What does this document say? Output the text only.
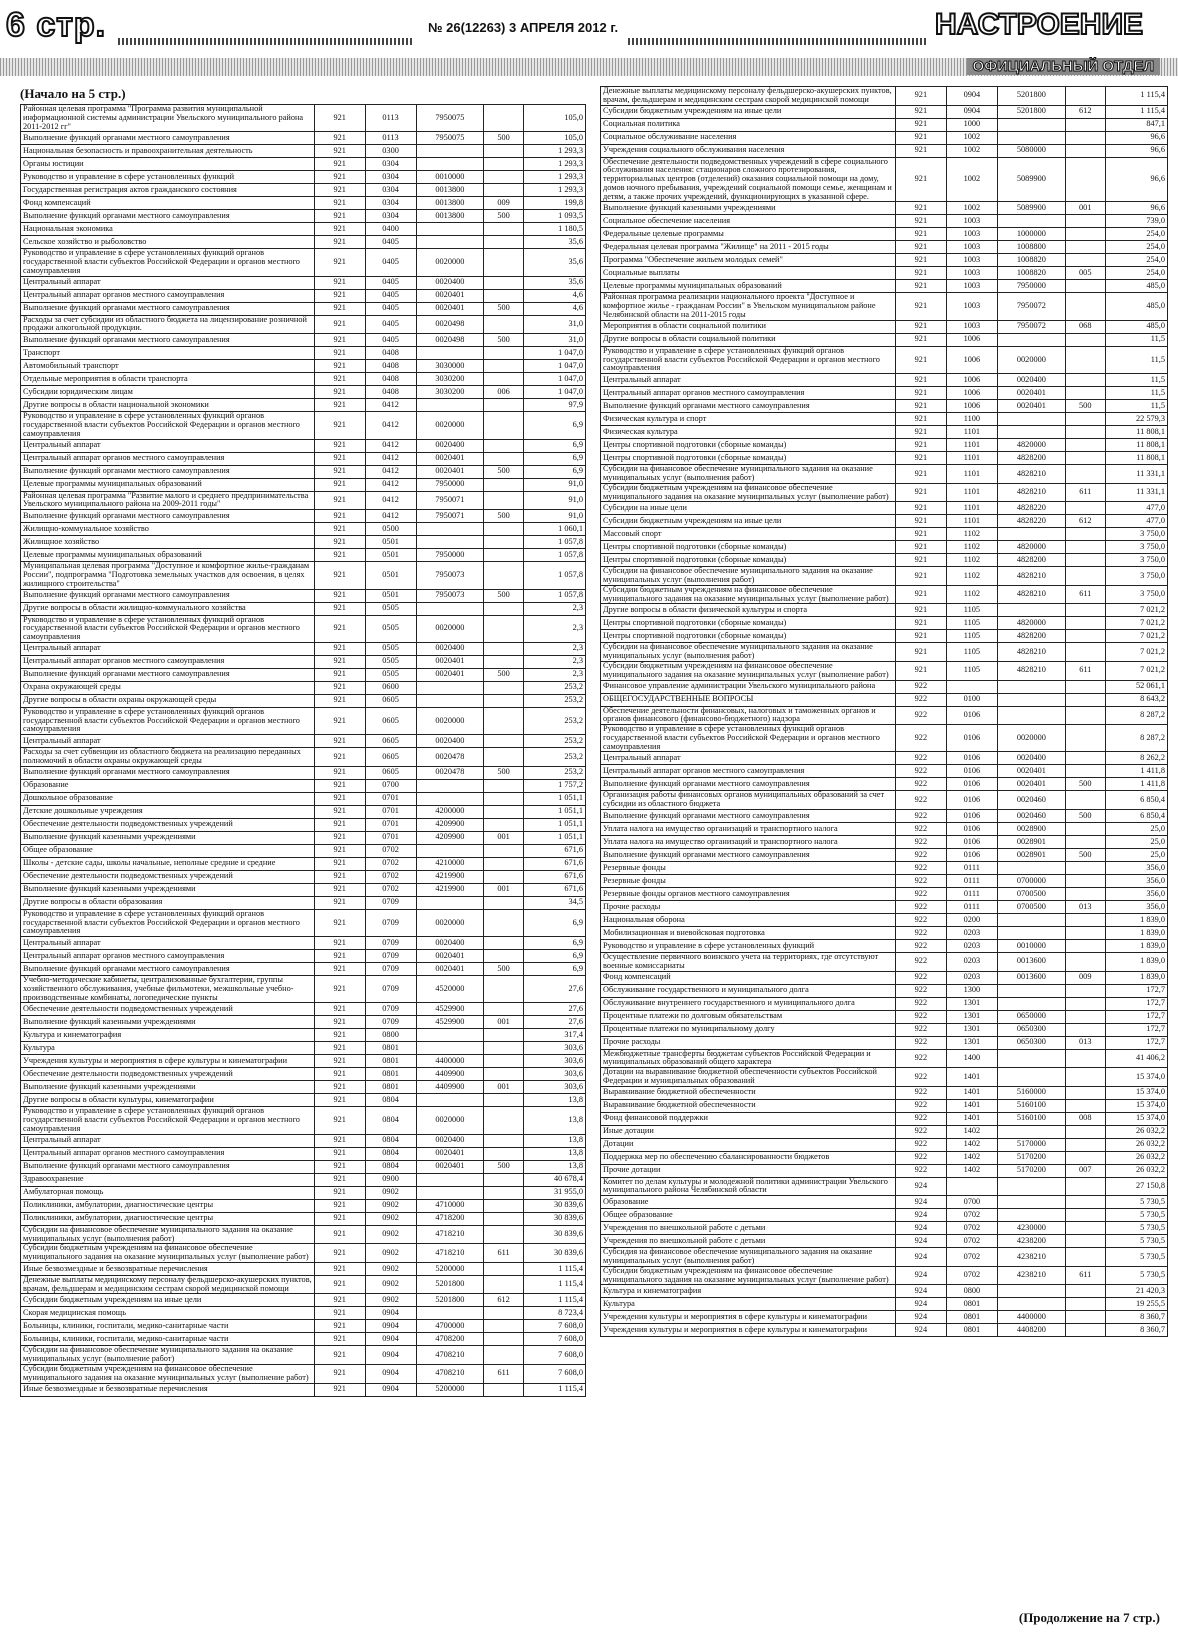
6 стр.	№ 26(12263) 3 АПРЕЛЯ 2012 г.	НАСТРОЕНИЕ
ОФИЦИАЛЬНЫЙ ОТДЕЛ
(Начало на 5 стр.)
Районная целевая программа "Программа развития муниципальной информационной системы администрации Увельского муниципального района 2011-2012 гг"	921	0113	7950075		105,0
Выполнение функций органами местного самоуправления	921	0113	7950075	500	105,0
Национальная безопасность и правоохранительная деятельность	921	0300			1 293,3
Органы юстиции	921	0304			1 293,3
Руководство и управление в сфере установленных функций	921	0304	0010000		1 293,3
Государственная регистрация актов гражданского состояния	921	0304	0013800		1 293,3
Фонд компенсаций	921	0304	0013800	009	199,8
Выполнение функций органами местного самоуправления	921	0304	0013800	500	1 093,5
Национальная экономика	921	0400			1 180,5
Сельское хозяйство и рыболовство	921	0405			35,6
Руководство и управление в сфере установленных функций органов государственной власти субъектов Российской Федерации и органов местного самоуправления	921	0405	0020000		35,6
Центральный аппарат	921	0405	0020400		35,6
Центральный аппарат органов местного самоуправления	921	0405	0020401		4,6
Выполнение функций органами местного самоуправления	921	0405	0020401	500	4,6
Расходы за счет субсидии из областного бюджета на лицензирование розничной продажи алкогольной продукции.	921	0405	0020498		31,0
Выполнение функций органами местного самоуправления	921	0405	0020498	500	31,0
Транспорт	921	0408			1 047,0
Автомобильный транспорт	921	0408	3030000		1 047,0
Отдельные мероприятия в области транспорта	921	0408	3030200		1 047,0
Субсидии юридическим лицам	921	0408	3030200	006	1 047,0
Другие вопросы в области национальной экономики	921	0412			97,9
Руководство и управление в сфере установленных функций органов государственной власти субъектов Российской Федерации и органов местного самоуправления	921	0412	0020000		6,9
Центральный аппарат	921	0412	0020400		6,9
Центральный аппарат органов местного самоуправления	921	0412	0020401		6,9
Выполнение функций органами местного самоуправления	921	0412	0020401	500	6,9
Целевые программы муниципальных образований	921	0412	7950000		91,0
Районная целевая программа "Развитие малого и среднего предпринимательства Увельского муниципального района на 2009-2011 годы"	921	0412	7950071		91,0
Выполнение функций органами местного самоуправления	921	0412	7950071	500	91,0
Жилищно-коммунальное хозяйство	921	0500			1 060,1
Жилищное хозяйство	921	0501			1 057,8
Целевые программы муниципальных образований	921	0501	7950000		1 057,8
Муниципальная целевая программа "Доступное и комфортное жилье-гражданам России", подпрограмма "Подготовка земельных участков для освоения, в целях жилищного строительства"	921	0501	7950073		1 057,8
Выполнение функций органами местного самоуправления	921	0501	7950073	500	1 057,8
Другие вопросы в области жилищно-коммунального хозяйства	921	0505			2,3
Руководство и управление в сфере установленных функций органов государственной власти субъектов Российской Федерации и органов местного самоуправления	921	0505	0020000		2,3
Центральный аппарат	921	0505	0020400		2,3
Центральный аппарат органов местного самоуправления	921	0505	0020401		2,3
Выполнение функций органами местного самоуправления	921	0505	0020401	500	2,3
Охрана окружающей среды	921	0600			253,2
Другие вопросы в области охраны окружающей среды	921	0605			253,2
Руководство и управление в сфере установленных функций органов государственной власти субъектов Российской Федерации и органов местного самоуправления	921	0605	0020000		253,2
Центральный аппарат	921	0605	0020400		253,2
Расходы за счет субвенции из областного бюджета на реализацию переданных полномочий в области охраны окружающей среды	921	0605	0020478		253,2
Выполнение функций органами местного самоуправления	921	0605	0020478	500	253,2
Образование	921	0700			1 757,2
Дошкольное образование	921	0701			1 051,1
Детские дошкольные учреждения	921	0701	4200000		1 051,1
Обеспечение деятельности подведомственных учреждений	921	0701	4209900		1 051,1
Выполнение функций казенными учреждениями	921	0701	4209900	001	1 051,1
Общее образование	921	0702			671,6
Школы - детские сады, школы начальные, неполные средние и средние	921	0702	4210000		671,6
Обеспечение деятельности подведомственных учреждений	921	0702	4219900		671,6
Выполнение функций казенными учреждениями	921	0702	4219900	001	671,6
Другие вопросы в области образования	921	0709			34,5
Руководство и управление в сфере установленных функций органов государственной власти субъектов Российской Федерации и органов местного самоуправления	921	0709	0020000		6,9
Центральный аппарат	921	0709	0020400		6,9
Центральный аппарат органов местного самоуправления	921	0709	0020401		6,9
Выполнение функций органами местного самоуправления	921	0709	0020401	500	6,9
Учебно-методические кабинеты, централизованные бухгалтерии, группы хозяйственного обслуживания, учебные фильмотеки, межшкольные учебно-производственные комбинаты, логопедические пункты	921	0709	4520000		27,6
Обеспечение деятельности подведомственных учреждений	921	0709	4529900		27,6
Выполнение функций казенными учреждениями	921	0709	4529900	001	27,6
Культура и кинематография	921	0800			317,4
Культура	921	0801			303,6
Учреждения культуры и мероприятия в сфере культуры и кинематографии	921	0801	4400000		303,6
Обеспечение деятельности подведомственных учреждений	921	0801	4409900		303,6
Выполнение функций казенными учреждениями	921	0801	4409900	001	303,6
Другие вопросы в области культуры, кинематографии	921	0804			13,8
Руководство и управление в сфере установленных функций органов государственной власти субъектов Российской Федерации и органов местного самоуправления	921	0804	0020000		13,8
Центральный аппарат	921	0804	0020400		13,8
Центральный аппарат органов местного самоуправления	921	0804	0020401		13,8
Выполнение функций органами местного самоуправления	921	0804	0020401	500	13,8
Здравоохранение	921	0900			40 678,4
Амбулаторная помощь	921	0902			31 955,0
Поликлиники, амбулатории, диагностические центры	921	0902	4710000		30 839,6
Поликлиники, амбулатории, диагностические центры	921	0902	4718200		30 839,6
Субсидии на финансовое обеспечение муниципального задания на оказание муниципальных услуг (выполнения работ)	921	0902	4718210		30 839,6
Субсидии бюджетным учреждениям на финансовое обеспечение муниципального задания на оказание муниципальных услуг (выполнение работ)	921	0902	4718210	611	30 839,6
Иные безвозмездные и безвозвратные перечисления	921	0902	5200000		1 115,4
Денежные выплаты медицинскому персоналу фельдшерско-акушерских пунктов, врачам, фельдшерам и медицинским сестрам скорой медицинской помощи	921	0902	5201800		1 115,4
Субсидии бюджетным учреждениям на иные цели	921	0902	5201800	612	1 115,4
Скорая медицинская помощь	921	0904			8 723,4
Больницы, клиники, госпитали, медико-санитарные части	921	0904	4700000		7 608,0
Больницы, клиники, госпитали, медико-санитарные части	921	0904	4708200		7 608,0
Субсидии на финансовое обеспечение муниципального задания на оказание муниципальных услуг (выполнение работ)	921	0904	4708210		7 608,0
Субсидии бюджетным учреждениям на финансовое обеспечение муниципального задания на оказание муниципальных услуг (выполнение работ)	921	0904	4708210	611	7 608,0
Иные безвозмездные и безвозвратные перечисления	921	0904	5200000		1 115,4
Денежные выплаты медицинскому персоналу фельдшерско-акушерских пунктов, врачам, фельдшерам и медицинским сестрам скорой медицинской помощи	921	0904	5201800		1 115,4
Субсидии бюджетным учреждениям на иные цели	921	0904	5201800	612	1 115,4
Социальная политика	921	1000			847,1
Социальное обслуживание населения	921	1002			96,6
Учреждения социального обслуживания населения	921	1002	5080000		96,6
Обеспечение деятельности подведомственных учреждений в сфере социального обслуживания населения: стационаров сложного протезирования, территориальных центров (отделений) оказания социальной помощи на дому, домов ночного пребывания, учреждений социальной помощи семье, женщинам и детям, а также прочих учреждений, функционирующих в указанной сфере.	921	1002	5089900		96,6
Выполнение функций казенными учреждениями	921	1002	5089900	001	96,6
Социальное обеспечение населения	921	1003			739,0
Федеральные целевые программы	921	1003	1000000		254,0
Федеральная целевая программа "Жилище" на 2011 - 2015 годы	921	1003	1008800		254,0
Программа "Обеспечение жильем молодых семей"	921	1003	1008820		254,0
Социальные выплаты	921	1003	1008820	005	254,0
Целевые программы муниципальных образований	921	1003	7950000		485,0
Районная программа реализации национального проекта "Доступное и комфортное жилье - гражданам России" в Увельском муниципальном районе Челябинской области на 2011-2015 годы	921	1003	7950072		485,0
Мероприятия в области социальной политики	921	1003	7950072	068	485,0
Другие вопросы в области социальной политики	921	1006			11,5
Руководство и управление в сфере установленных функций органов государственной власти субъектов Российской Федерации и органов местного самоуправления	921	1006	0020000		11,5
Центральный аппарат	921	1006	0020400		11,5
Центральный аппарат органов местного самоуправления	921	1006	0020401		11,5
Выполнение функций органами местного самоуправления	921	1006	0020401	500	11,5
Физическая культура и спорт	921	1100			22 579,3
Физическая культура	921	1101			11 808,1
Центры спортивной подготовки (сборные команды)	921	1101	4820000		11 808,1
Центры спортивной подготовки (сборные команды)	921	1101	4828200		11 808,1
Субсидии на финансовое обеспечение муниципального задания на оказание муниципальных услуг (выполнения работ)	921	1101	4828210		11 331,1
Субсидии бюджетным учреждениям на финансовое обеспечение муниципального задания на оказание муниципальных услуг (выполнение работ)	921	1101	4828210	611	11 331,1
Субсидии на иные цели	921	1101	4828220		477,0
Субсидии бюджетным учреждениям на иные цели	921	1101	4828220	612	477,0
Массовый спорт	921	1102			3 750,0
Центры спортивной подготовки (сборные команды)	921	1102	4820000		3 750,0
Центры спортивной подготовки (сборные команды)	921	1102	4828200		3 750,0
Субсидии на финансовое обеспечение муниципального задания на оказание муниципальных услуг (выполнения работ)	921	1102	4828210		3 750,0
Субсидии бюджетным учреждениям на финансовое обеспечение муниципального задания на оказание муниципальных услуг (выполнение работ)	921	1102	4828210	611	3 750,0
Другие вопросы в области физической культуры и спорта	921	1105			7 021,2
Центры спортивной подготовки (сборные команды)	921	1105	4820000		7 021,2
Центры спортивной подготовки (сборные команды)	921	1105	4828200		7 021,2
Субсидии на финансовое обеспечение муниципального задания на оказание муниципальных услуг (выполнения работ)	921	1105	4828210		7 021,2
Субсидии бюджетным учреждениям на финансовое обеспечение муниципального задания на оказание муниципальных услуг (выполнение работ)	921	1105	4828210	611	7 021,2
Финансовое управление администрации Увельского муниципального района	922				52 061,1
ОБЩЕГОСУДАРСТВЕННЫЕ ВОПРОСЫ	922	0100			8 643,2
Обеспечение деятельности финансовых, налоговых и таможенных органов и органов финансового (финансово-бюджетного) надзора	922	0106			8 287,2
Руководство и управление в сфере установленных функций органов государственной власти субъектов Российской Федерации и органов местного самоуправления	922	0106	0020000		8 287,2
Центральный аппарат	922	0106	0020400		8 262,2
Центральный аппарат органов местного самоуправления	922	0106	0020401		1 411,8
Выполнение функций органами местного самоуправления	922	0106	0020401	500	1 411,8
Организация работы финансовых органов муниципальных образований за счет субсидии из областного бюджета	922	0106	0020460		6 850,4
Выполнение функций органами местного самоуправления	922	0106	0020460	500	6 850,4
Уплата налога на имущество организаций и транспортного налога	922	0106	0028900		25,0
Уплата налога на имущество организаций и транспортного налога	922	0106	0028901		25,0
Выполнение функций органами местного самоуправления	922	0106	0028901	500	25,0
Резервные фонды	922	0111			356,0
Резервные фонды	922	0111	0700000		356,0
Резервные фонды органов местного самоуправления	922	0111	0700500		356,0
Прочие расходы	922	0111	0700500	013	356,0
Национальная оборона	922	0200			1 839,0
Мобилизационная и вневойсковая подготовка	922	0203			1 839,0
Руководство и управление в сфере установленных функций	922	0203	0010000		1 839,0
Осуществление первичного воинского учета на территориях, где отсутствуют военные комиссариаты	922	0203	0013600		1 839,0
Фонд компенсаций	922	0203	0013600	009	1 839,0
Обслуживание государственного и муниципального долга	922	1300			172,7
Обслуживание внутреннего государственного и муниципального долга	922	1301			172,7
Процентные платежи по долговым обязательствам	922	1301	0650000		172,7
Процентные платежи по муниципальному долгу	922	1301	0650300		172,7
Прочие расходы	922	1301	0650300	013	172,7
Межбюджетные трансферты бюджетам субъектов Российской Федерации и муниципальных образований общего характера	922	1400			41 406,2
Дотации на выравнивание бюджетной обеспеченности субъектов Российской Федерации и муниципальных образований	922	1401			15 374,0
Выравнивание бюджетной обеспеченности	922	1401	5160000		15 374,0
Выравнивание бюджетной обеспеченности	922	1401	5160100		15 374,0
Фонд финансовой поддержки	922	1401	5160100	008	15 374,0
Иные дотации	922	1402			26 032,2
Дотации	922	1402	5170000		26 032,2
Поддержка мер по обеспечению сбалансированности бюджетов	922	1402	5170200		26 032,2
Прочие дотации	922	1402	5170200	007	26 032,2
Комитет по делам культуры и молодежной политики администрации Увельского муниципального района Челябинской области	924				27 150,8
Образование	924	0700			5 730,5
Общее образование	924	0702			5 730,5
Учреждения по внешкольной работе с детьми	924	0702	4230000		5 730,5
Учреждения по внешкольной работе с детьми	924	0702	4238200		5 730,5
Субсидия на финансовое обеспечение муниципального задания на оказание муниципальных услуг (выполнения работ)	924	0702	4238210		5 730,5
Субсидии бюджетным учреждениям на финансовое обеспечение муниципального задания на оказание муниципальных услуг (выполнение работ)	924	0702	4238210	611	5 730,5
Культура и кинематография	924	0800			21 420,3
Культура	924	0801			19 255,5
Учреждения культуры и мероприятия в сфере культуры и кинематографии	924	0801	4400000		8 360,7
Учреждения культуры и мероприятия в сфере культуры и кинематографии	924	0801	4408200		8 360,7
(Продолжение на 7 стр.)
